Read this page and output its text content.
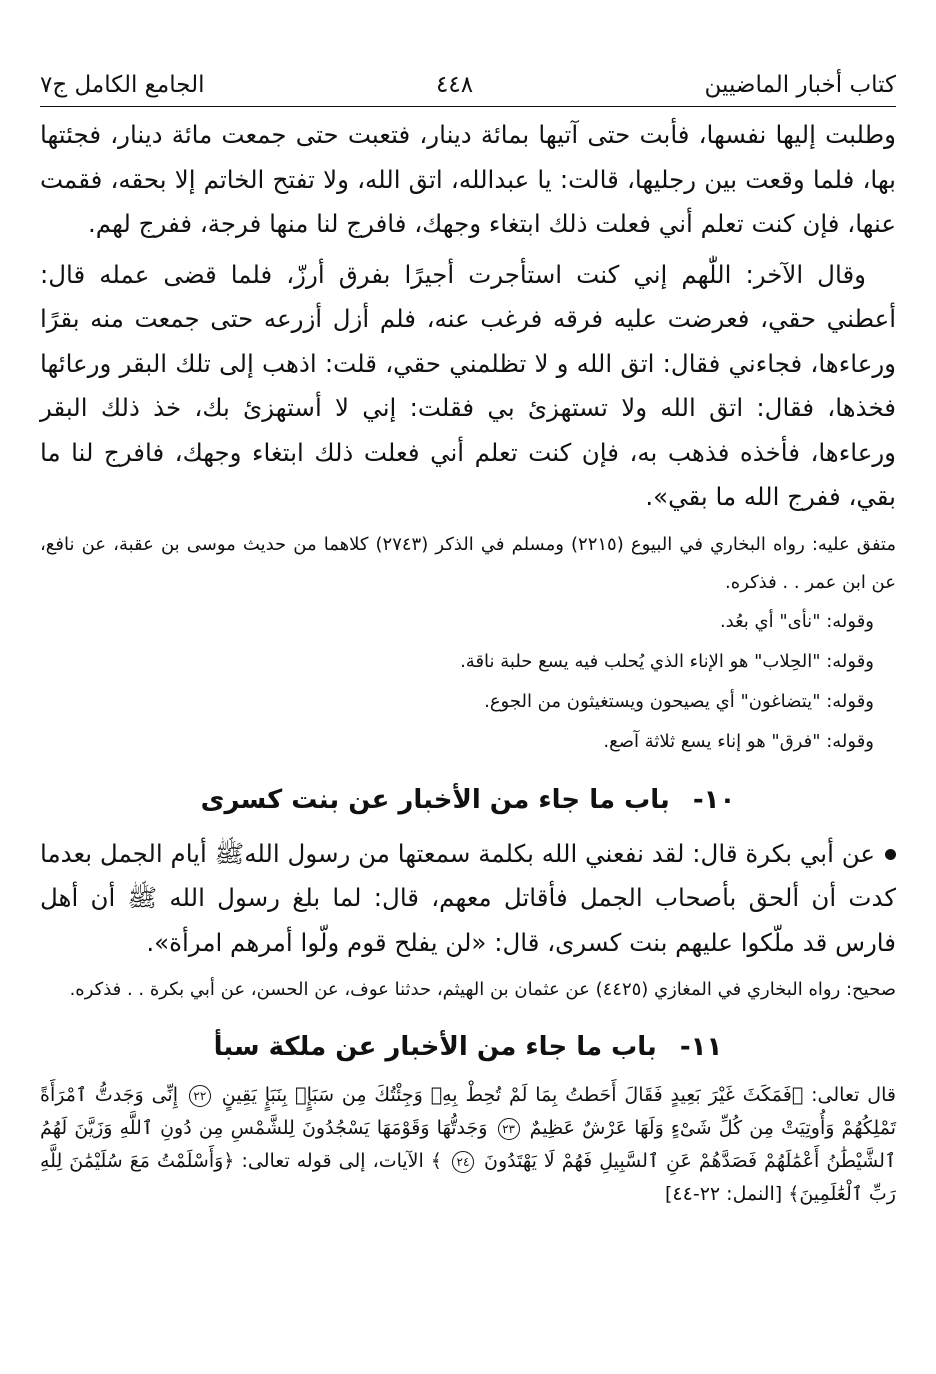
كتاب أخبار الماضيين
٤٤٨
الجامع الكامل ج٧

وطلبت إليها نفسها، فأبت حتى آتيها بمائة دينار، فتعبت حتى جمعت مائة دينار، فجئتها بها، فلما وقعت بين رجليها، قالت: يا عبدالله، اتق الله، ولا تفتح الخاتم إلا بحقه، فقمت عنها، فإن كنت تعلم أني فعلت ذلك ابتغاء وجهك، فافرج لنا منها فرجة، ففرج لهم.

وقال الآخر: اللّٰهم إني كنت استأجرت أجيرًا بفرق أرزّ، فلما قضى عمله قال: أعطني حقي، فعرضت عليه فرقه فرغب عنه، فلم أزل أزرعه حتى جمعت منه بقرًا ورعاءها، فجاءني فقال: اتق الله و لا تظلمني حقي، قلت: اذهب إلى تلك البقر ورعائها فخذها، فقال: اتق الله ولا تستهزئ بي فقلت: إني لا أستهزئ بك، خذ ذلك البقر ورعاءها، فأخذه فذهب به، فإن كنت تعلم أني فعلت ذلك ابتغاء وجهك، فافرج لنا ما بقي، ففرج الله ما بقي».

متفق عليه: رواه البخاري في البيوع (٢٢١٥) ومسلم في الذكر (٢٧٤٣) كلاهما من حديث موسى بن عقبة، عن نافع، عن ابن عمر . . فذكره.

وقوله: "نأى" أي بعُد.
وقوله: "الحِلاب" هو الإناء الذي يُحلب فيه يسع حلبة ناقة.
وقوله: "يتضاغون" أي يصيحون ويستغيثون من الجوع.
وقوله: "فرق" هو إناء يسع ثلاثة آصع.
١٠- باب ما جاء من الأخبار عن بنت كسرى

عن أبي بكرة قال: لقد نفعني الله بكلمة سمعتها من رسول اللهﷺ أيام الجمل بعدما كدت أن ألحق بأصحاب الجمل فأقاتل معهم، قال: لما بلغ رسول الله ﷺ أن أهل فارس قد ملّكوا عليهم بنت كسرى، قال: «لن يفلح قوم ولّوا أمرهم امرأة».

صحيح: رواه البخاري في المغازي (٤٤٢٥) عن عثمان بن الهيثم، حدثنا عوف، عن الحسن، عن أبي بكرة . . فذكره.

١١- باب ما جاء من الأخبار عن ملكة سبأ

قال تعالى: ﴿فَمَكَثَ غَيْرَ بَعِيدٍ فَقَالَ أَحَطتُ بِمَا لَمْ تُحِطْ بِهِۦ وَجِئْتُكَ مِن سَبَإٍۭ بِنَبَإٍ يَقِينٍ ٢٢ إِنِّى وَجَدتُّ ٱمْرَأَةً تَمْلِكُهُمْ وَأُوتِيَتْ مِن كُلِّ شَىْءٍ وَلَهَا عَرْشٌ عَظِيمٌ ٢٣ وَجَدتُّهَا وَقَوْمَهَا يَسْجُدُونَ لِلشَّمْسِ مِن دُونِ ٱللَّهِ وَزَيَّنَ لَهُمُ ٱلشَّيْطَٰنُ أَعْمَٰلَهُمْ فَصَدَّهُمْ عَنِ ٱلسَّبِيلِ فَهُمْ لَا يَهْتَدُونَ ٢٤ ﴾ الآيات، إلى قوله تعالى: ﴿وَأَسْلَمْتُ مَعَ سُلَيْمَٰنَ لِلَّهِ رَبِّ ٱلْعَٰلَمِينَ﴾ [النمل: ٢٢-٤٤]
